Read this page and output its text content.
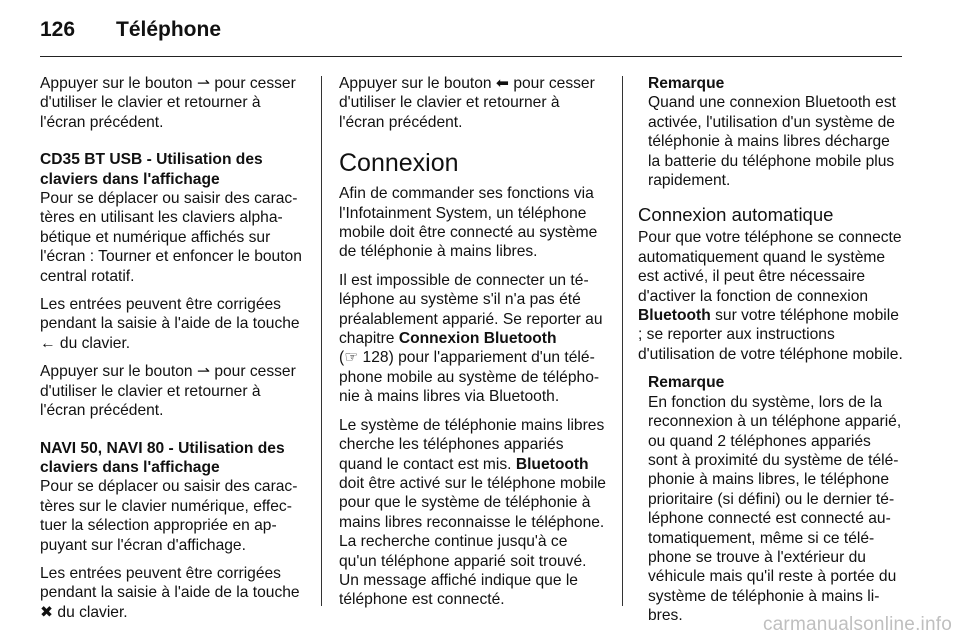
126 Téléphone

Appuyer sur le bouton ⇀ pour cesser d'utiliser le clavier et retourner à l'écran précédent.

CD35 BT USB - Utilisation des claviers dans l'affichage

Pour se déplacer ou saisir des caractères en utilisant les claviers alphabétique et numérique affichés sur l'écran : Tourner et enfoncer le bouton central rotatif.

Les entrées peuvent être corrigées pendant la saisie à l'aide de la touche ← du clavier.

Appuyer sur le bouton ⇀ pour cesser d'utiliser le clavier et retourner à l'écran précédent.

NAVI 50, NAVI 80 - Utilisation des claviers dans l'affichage

Pour se déplacer ou saisir des caractères sur le clavier numérique, effectuer la sélection appropriée en appuyant sur l'écran d'affichage.

Les entrées peuvent être corrigées pendant la saisie à l'aide de la touche ✖ du clavier.

Appuyer sur le bouton ⬅ pour cesser d'utiliser le clavier et retourner à l'écran précédent.

Connexion

Afin de commander ses fonctions via l'Infotainment System, un téléphone mobile doit être connecté au système de téléphonie à mains libres.

Il est impossible de connecter un téléphone au système s'il n'a pas été préalablement apparié. Se reporter au chapitre Connexion Bluetooth
(☞ 128) pour l'appariement d'un téléphone mobile au système de téléphonie à mains libres via Bluetooth.

Le système de téléphonie mains libres cherche les téléphones appariés quand le contact est mis. Bluetooth doit être activé sur le téléphone mobile pour que le système de téléphonie à mains libres reconnaisse le téléphone. La recherche continue jusqu'à ce qu'un téléphone apparié soit trouvé. Un message affiché indique que le téléphone est connecté.

Remarque
Quand une connexion Bluetooth est activée, l'utilisation d'un système de téléphonie à mains libres décharge la batterie du téléphone mobile plus rapidement.
Connexion automatique

Pour que votre téléphone se connecte automatiquement quand le système est activé, il peut être nécessaire d'activer la fonction de connexion Bluetooth sur votre téléphone mobile ; se reporter aux instructions d'utilisation de votre téléphone mobile.

Remarque
En fonction du système, lors de la reconnexion à un téléphone apparié, ou quand 2 téléphones appariés sont à proximité du système de téléphonie à mains libres, le téléphone prioritaire (si défini) ou le dernier téléphone connecté est connecté automatiquement, même si ce téléphone se trouve à l'extérieur du véhicule mais qu'il reste à portée du système de téléphonie à mains libres.	carmanualsonline.info
